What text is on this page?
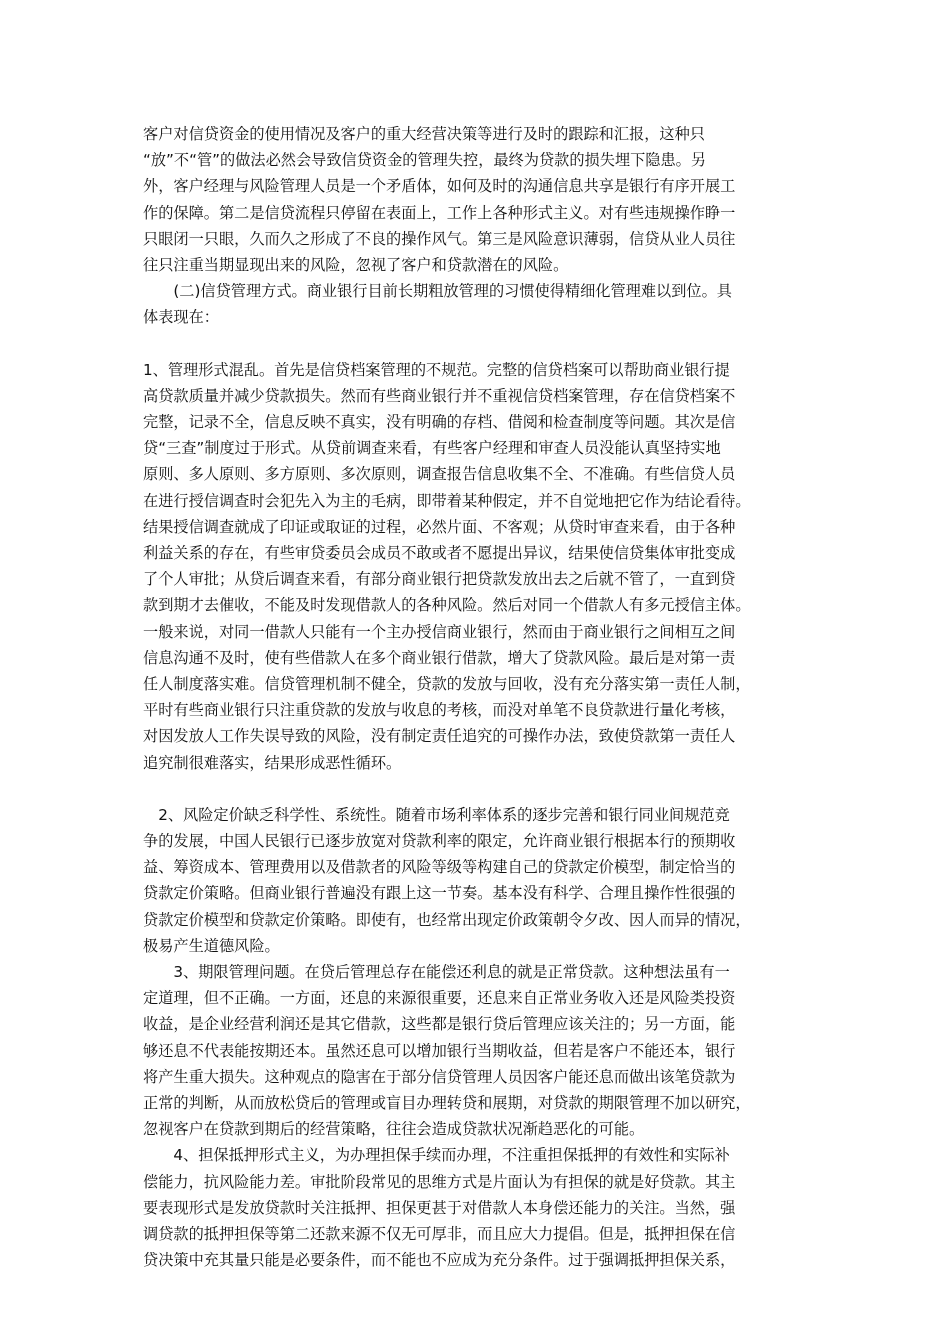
客户对信贷资金的使用情况及客户的重大经营决策等进行及时的跟踪和汇报，这种只
“放”不“管”的做法必然会导致信贷资金的管理失控，最终为贷款的损失埋下隐患。另
外，客户经理与风险管理人员是一个矛盾体，如何及时的沟通信息共享是银行有序开展工
作的保障。第二是信贷流程只停留在表面上，工作上各种形式主义。对有些违规操作睁一
只眼闭一只眼，久而久之形成了不良的操作风气。第三是风险意识薄弱，信贷从业人员往
往只注重当期显现出来的风险，忽视了客户和贷款潜在的风险。
　　(二)信贷管理方式。商业银行目前长期粗放管理的习惯使得精细化管理难以到位。具
体表现在：
1、管理形式混乱。首先是信贷档案管理的不规范。完整的信贷档案可以帮助商业银行提
高贷款质量并减少贷款损失。然而有些商业银行并不重视信贷档案管理，存在信贷档案不
完整，记录不全，信息反映不真实，没有明确的存档、借阅和检查制度等问题。其次是信
贷“三查”制度过于形式。从贷前调查来看，有些客户经理和审查人员没能认真坚持实地
原则、多人原则、多方原则、多次原则，调查报告信息收集不全、不准确。有些信贷人员
在进行授信调查时会犯先入为主的毛病，即带着某种假定，并不自觉地把它作为结论看待。
结果授信调查就成了印证或取证的过程，必然片面、不客观；从贷时审查来看，由于各种
利益关系的存在，有些审贷委员会成员不敢或者不愿提出异议，结果使信贷集体审批变成
了个人审批；从贷后调查来看，有部分商业银行把贷款发放出去之后就不管了，一直到贷
款到期才去催收，不能及时发现借款人的各种风险。然后对同一个借款人有多元授信主体。
一般来说，对同一借款人只能有一个主办授信商业银行，然而由于商业银行之间相互之间
信息沟通不及时，使有些借款人在多个商业银行借款，增大了贷款风险。最后是对第一责
任人制度落实难。信贷管理机制不健全，贷款的发放与回收，没有充分落实第一责任人制，
平时有些商业银行只注重贷款的发放与收息的考核，而没对单笔不良贷款进行量化考核，
对因发放人工作失误导致的风险，没有制定责任追究的可操作办法，致使贷款第一责任人
追究制很难落实，结果形成恶性循环。
　2、风险定价缺乏科学性、系统性。随着市场利率体系的逐步完善和银行同业间规范竞
争的发展，中国人民银行已逐步放宽对贷款利率的限定，允许商业银行根据本行的预期收
益、筹资成本、管理费用以及借款者的风险等级等构建自己的贷款定价模型，制定恰当的
贷款定价策略。但商业银行普遍没有跟上这一节奏。基本没有科学、合理且操作性很强的
贷款定价模型和贷款定价策略。即使有，也经常出现定价政策朝令夕改、因人而异的情况，
极易产生道德风险。
　　3、期限管理问题。在贷后管理总存在能偿还利息的就是正常贷款。这种想法虽有一
定道理，但不正确。一方面，还息的来源很重要，还息来自正常业务收入还是风险类投资
收益，是企业经营利润还是其它借款，这些都是银行贷后管理应该关注的；另一方面，能
够还息不代表能按期还本。虽然还息可以增加银行当期收益，但若是客户不能还本，银行
将产生重大损失。这种观点的隐害在于部分信贷管理人员因客户能还息而做出该笔贷款为
正常的判断，从而放松贷后的管理或盲目办理转贷和展期，对贷款的期限管理不加以研究，
忽视客户在贷款到期后的经营策略，往往会造成贷款状况渐趋恶化的可能。
　　4、担保抵押形式主义，为办理担保手续而办理，不注重担保抵押的有效性和实际补
偿能力，抗风险能力差。审批阶段常见的思维方式是片面认为有担保的就是好贷款。其主
要表现形式是发放贷款时关注抵押、担保更甚于对借款人本身偿还能力的关注。当然，强
调贷款的抵押担保等第二还款来源不仅无可厚非，而且应大力提倡。但是，抵押担保在信
贷决策中充其量只能是必要条件，而不能也不应成为充分条件。过于强调抵押担保关系，
